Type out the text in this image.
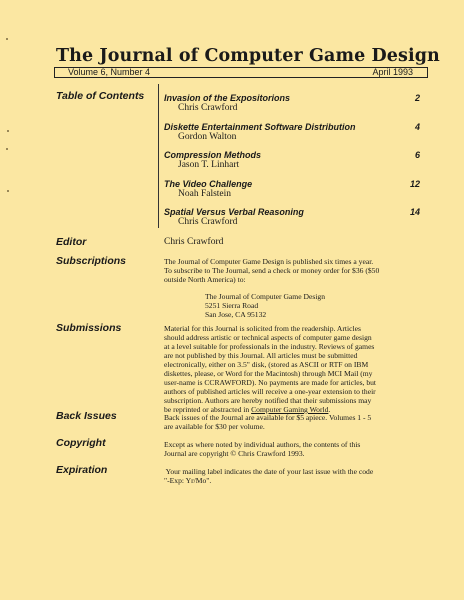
The Journal of Computer Game Design
Volume 6, Number 4	April 1993
Table of Contents
Editor
Subscriptions
Submissions
Back Issues
Copyright
Expiration
Invasion of the Expositorions
Chris Crawford
2
Diskette Entertainment Software Distribution
Gordon Walton
4
Compression Methods
Jason T. Linhart
6
The Video Challenge
Noah Falstein
12
Spatial Versus Verbal Reasoning
Chris Crawford
14
Chris Crawford
The Journal of Computer Game Design is published six times a year.
To subscribe to The Journal, send a check or money order for $36 ($50
outside North America) to:
The Journal of Computer Game Design
5251 Sierra Road
San Jose, CA 95132
Material for this Journal is solicited from the readership. Articles
should address artistic or technical aspects of computer game design
at a level suitable for professionals in the industry. Reviews of games
are not published by this Journal. All articles must be submitted
electronically, either on 3.5" disk, (stored as ASCII or RTF on IBM
diskettes, please, or Word for the Macintosh) through MCI Mail (my
user-name is CCRAWFORD). No payments are made for articles, but
authors of published articles will receive a one-year extension to their
subscription. Authors are hereby notified that their submissions may
be reprinted or abstracted in Computer Gaming World.
Back issues of the Journal are available for $5 apiece. Volumes 1 - 5
are available for $30 per volume.
Except as where noted by individual authors, the contents of this
Journal are copyright © Chris Crawford 1993.
Your mailing label indicates the date of your last issue with the code
"-Exp: Yr/Mo".
